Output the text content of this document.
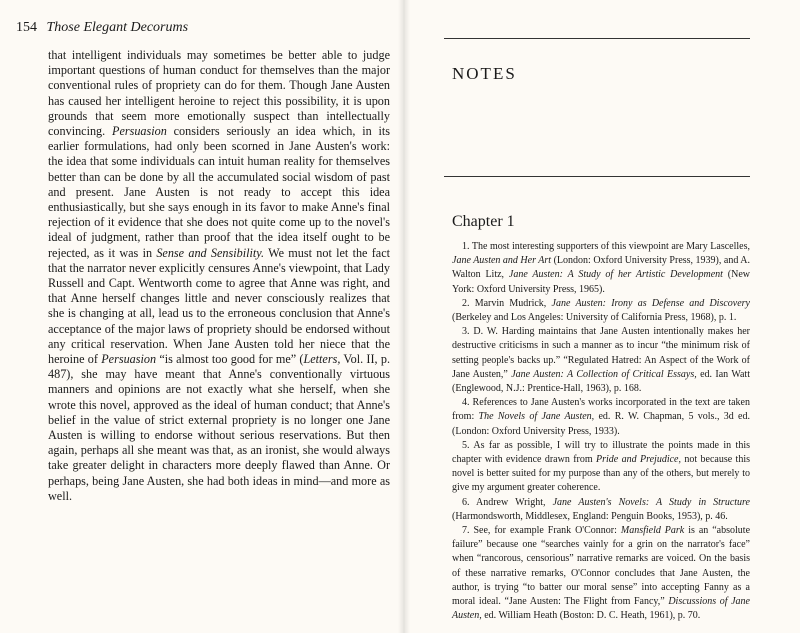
154 Those Elegant Decorums

that intelligent individuals may sometimes be better able to judge important questions of human conduct for themselves than the major conventional rules of propriety can do for them. Though Jane Austen has caused her intelligent heroine to reject this possibility, it is upon grounds that seem more emotionally suspect than intellectually convincing. Persuasion considers seriously an idea which, in its earlier formulations, had only been scorned in Jane Austen's work: the idea that some individuals can intuit human reality for themselves better than can be done by all the accumulated social wisdom of past and present. Jane Austen is not ready to accept this idea enthusiastically, but she says enough in its favor to make Anne's final rejection of it evidence that she does not quite come up to the novel's ideal of judgment, rather than proof that the idea itself ought to be rejected, as it was in Sense and Sensibility. We must not let the fact that the narrator never explicitly censures Anne's viewpoint, that Lady Russell and Capt. Wentworth come to agree that Anne was right, and that Anne herself changes little and never consciously realizes that she is changing at all, lead us to the erroneous conclusion that Anne's acceptance of the major laws of propriety should be endorsed without any critical reservation. When Jane Austen told her niece that the heroine of Persuasion “is almost too good for me” (Letters, Vol. II, p. 487), she may have meant that Anne's conventionally virtuous manners and opinions are not exactly what she herself, when she wrote this novel, approved as the ideal of human conduct; that Anne's belief in the value of strict external propriety is no longer one Jane Austen is willing to endorse without serious reservations. But then again, perhaps all she meant was that, as an ironist, she would always take greater delight in characters more deeply flawed than Anne. Or perhaps, being Jane Austen, she had both ideas in mind—and more as well.

NOTES
Chapter 1

1. The most interesting supporters of this viewpoint are Mary Lascelles, Jane Austen and Her Art (London: Oxford University Press, 1939), and A. Walton Litz, Jane Austen: A Study of her Artistic Development (New York: Oxford University Press, 1965).

2. Marvin Mudrick, Jane Austen: Irony as Defense and Discovery (Berkeley and Los Angeles: University of California Press, 1968), p. 1.

3. D. W. Harding maintains that Jane Austen intentionally makes her destructive criticisms in such a manner as to incur “the minimum risk of setting people's backs up.” “Regulated Hatred: An Aspect of the Work of Jane Austen,” Jane Austen: A Collection of Critical Essays, ed. Ian Watt (Englewood, N.J.: Prentice-Hall, 1963), p. 168.

4. References to Jane Austen's works incorporated in the text are taken from: The Novels of Jane Austen, ed. R. W. Chapman, 5 vols., 3d ed. (London: Oxford University Press, 1933).

5. As far as possible, I will try to illustrate the points made in this chapter with evidence drawn from Pride and Prejudice, not because this novel is better suited for my purpose than any of the others, but merely to give my argument greater coherence.

6. Andrew Wright, Jane Austen's Novels: A Study in Structure (Harmondsworth, Middlesex, England: Penguin Books, 1953), p. 46.

7. See, for example Frank O'Connor: Mansfield Park is an “absolute failure” because one “searches vainly for a grin on the narrator's face” when “rancorous, censorious” narrative remarks are voiced. On the basis of these narrative remarks, O'Connor concludes that Jane Austen, the author, is trying “to batter our moral sense” into accepting Fanny as a moral ideal. “Jane Austen: The Flight from Fancy,” Discussions of Jane Austen, ed. William Heath (Boston: D. C. Heath, 1961), p. 70.
